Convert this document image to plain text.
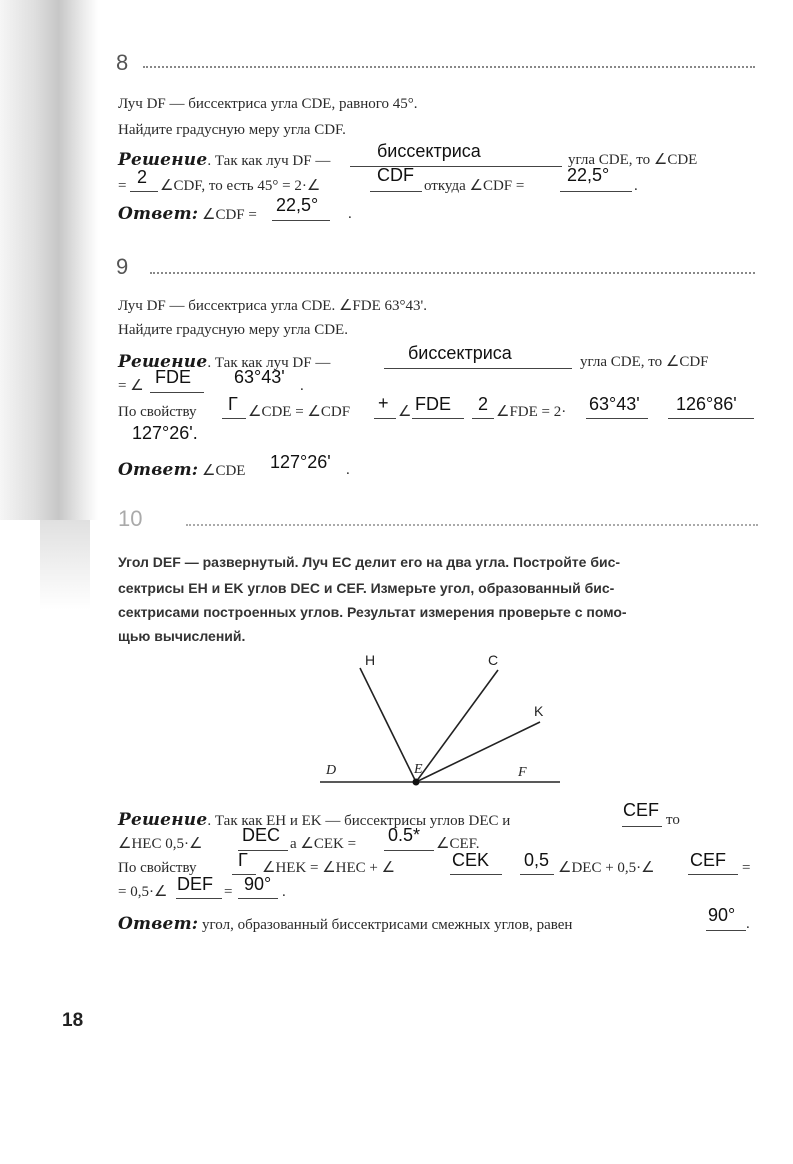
8
Луч DF — биссектриса угла CDE, равного 45°.
Найдите градусную меру угла CDF.
Решение. Так как луч DF —	биссектриса	угла CDE, то ∠CDE
= 2 ∠CDF, то есть 45° = 2·∠
CDF
откуда ∠CDF =
22,5°
.
Ответ: ∠CDF = 22,5° .
9
Луч DF — биссектриса угла CDE. ∠FDE 63°43'.
Найдите градусную меру угла CDE.
Решение. Так как луч DF —	биссектриса	угла CDE, то ∠CDF
= ∠ FDE 63°43' .
По свойству Г ∠CDE = ∠CDF + ∠ FDE 2 ∠FDE = 2· 63°43' 126°86'
127°26'.
Ответ: ∠CDE 127°26' .
10
Угол DEF — развернутый. Луч EC делит его на два угла. Постройте бис-
сектрисы EH и EK углов DEC и CEF. Измерьте угол, образованный бис-
сектрисами построенных углов. Результат измерения проверьте с помо-
щью вычислений.
H	C
K
D	E	F
Решение. Так как EH и EK — биссектрисы углов DEC и
CEF то
∠HEC 0,5·∠ DEC a ∠CEK = 0.5* ∠CEF.
По свойству Г ∠HEK = ∠HEC + ∠	CEK 0,5 ∠DEC + 0,5·∠ CEF =
= 0,5·∠ DEF = 90° .
Ответ: угол, образованный биссектрисами смежных углов, равен	90° .
18
